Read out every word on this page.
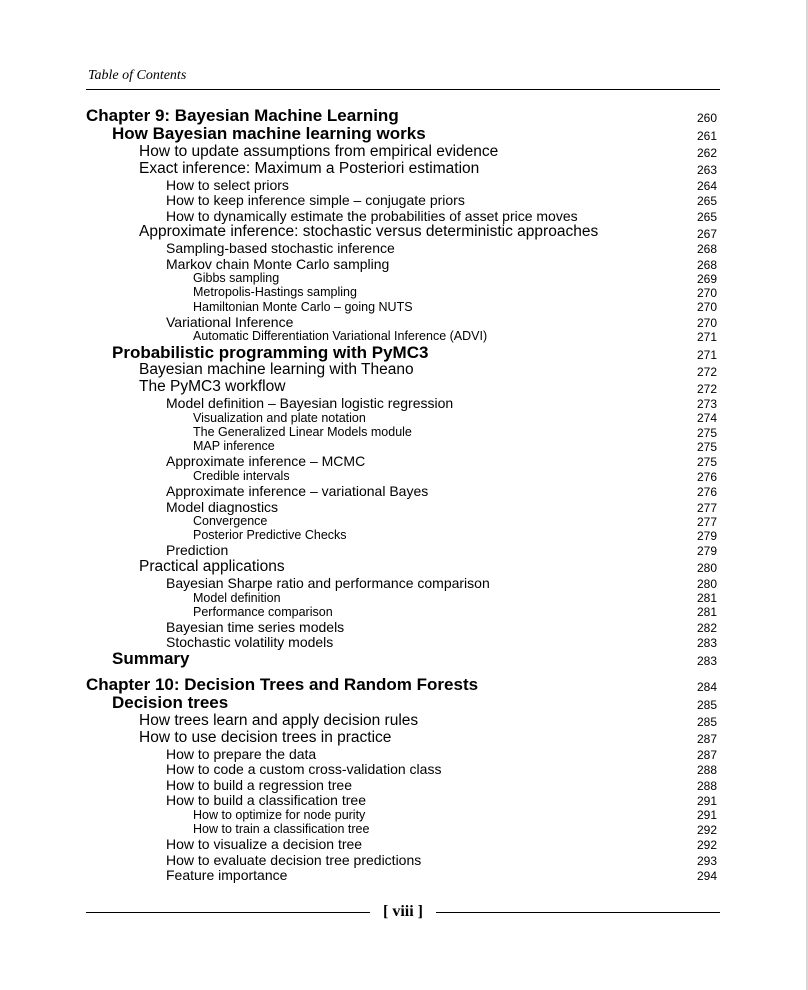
Table of Contents
Chapter 9: Bayesian Machine Learning	260
How Bayesian machine learning works	261
How to update assumptions from empirical evidence	262
Exact inference: Maximum a Posteriori estimation	263
How to select priors	264
How to keep inference simple – conjugate priors	265
How to dynamically estimate the probabilities of asset price moves	265
Approximate inference: stochastic versus deterministic approaches	267
Sampling-based stochastic inference	268
Markov chain Monte Carlo sampling	268
Gibbs sampling	269
Metropolis-Hastings sampling	270
Hamiltonian Monte Carlo – going NUTS	270
Variational Inference	270
Automatic Differentiation Variational Inference (ADVI)	271
Probabilistic programming with PyMC3	271
Bayesian machine learning with Theano	272
The PyMC3 workflow	272
Model definition – Bayesian logistic regression	273
Visualization and plate notation	274
The Generalized Linear Models module	275
MAP inference	275
Approximate inference – MCMC	275
Credible intervals	276
Approximate inference – variational Bayes	276
Model diagnostics	277
Convergence	277
Posterior Predictive Checks	279
Prediction	279
Practical applications	280
Bayesian Sharpe ratio and performance comparison	280
Model definition	281
Performance comparison	281
Bayesian time series models	282
Stochastic volatility models	283
Summary	283
Chapter 10: Decision Trees and Random Forests	284
Decision trees	285
How trees learn and apply decision rules	285
How to use decision trees in practice	287
How to prepare the data	287
How to code a custom cross-validation class	288
How to build a regression tree	288
How to build a classification tree	291
How to optimize for node purity	291
How to train a classification tree	292
How to visualize a decision tree	292
How to evaluate decision tree predictions	293
Feature importance	294
[ viii ]
